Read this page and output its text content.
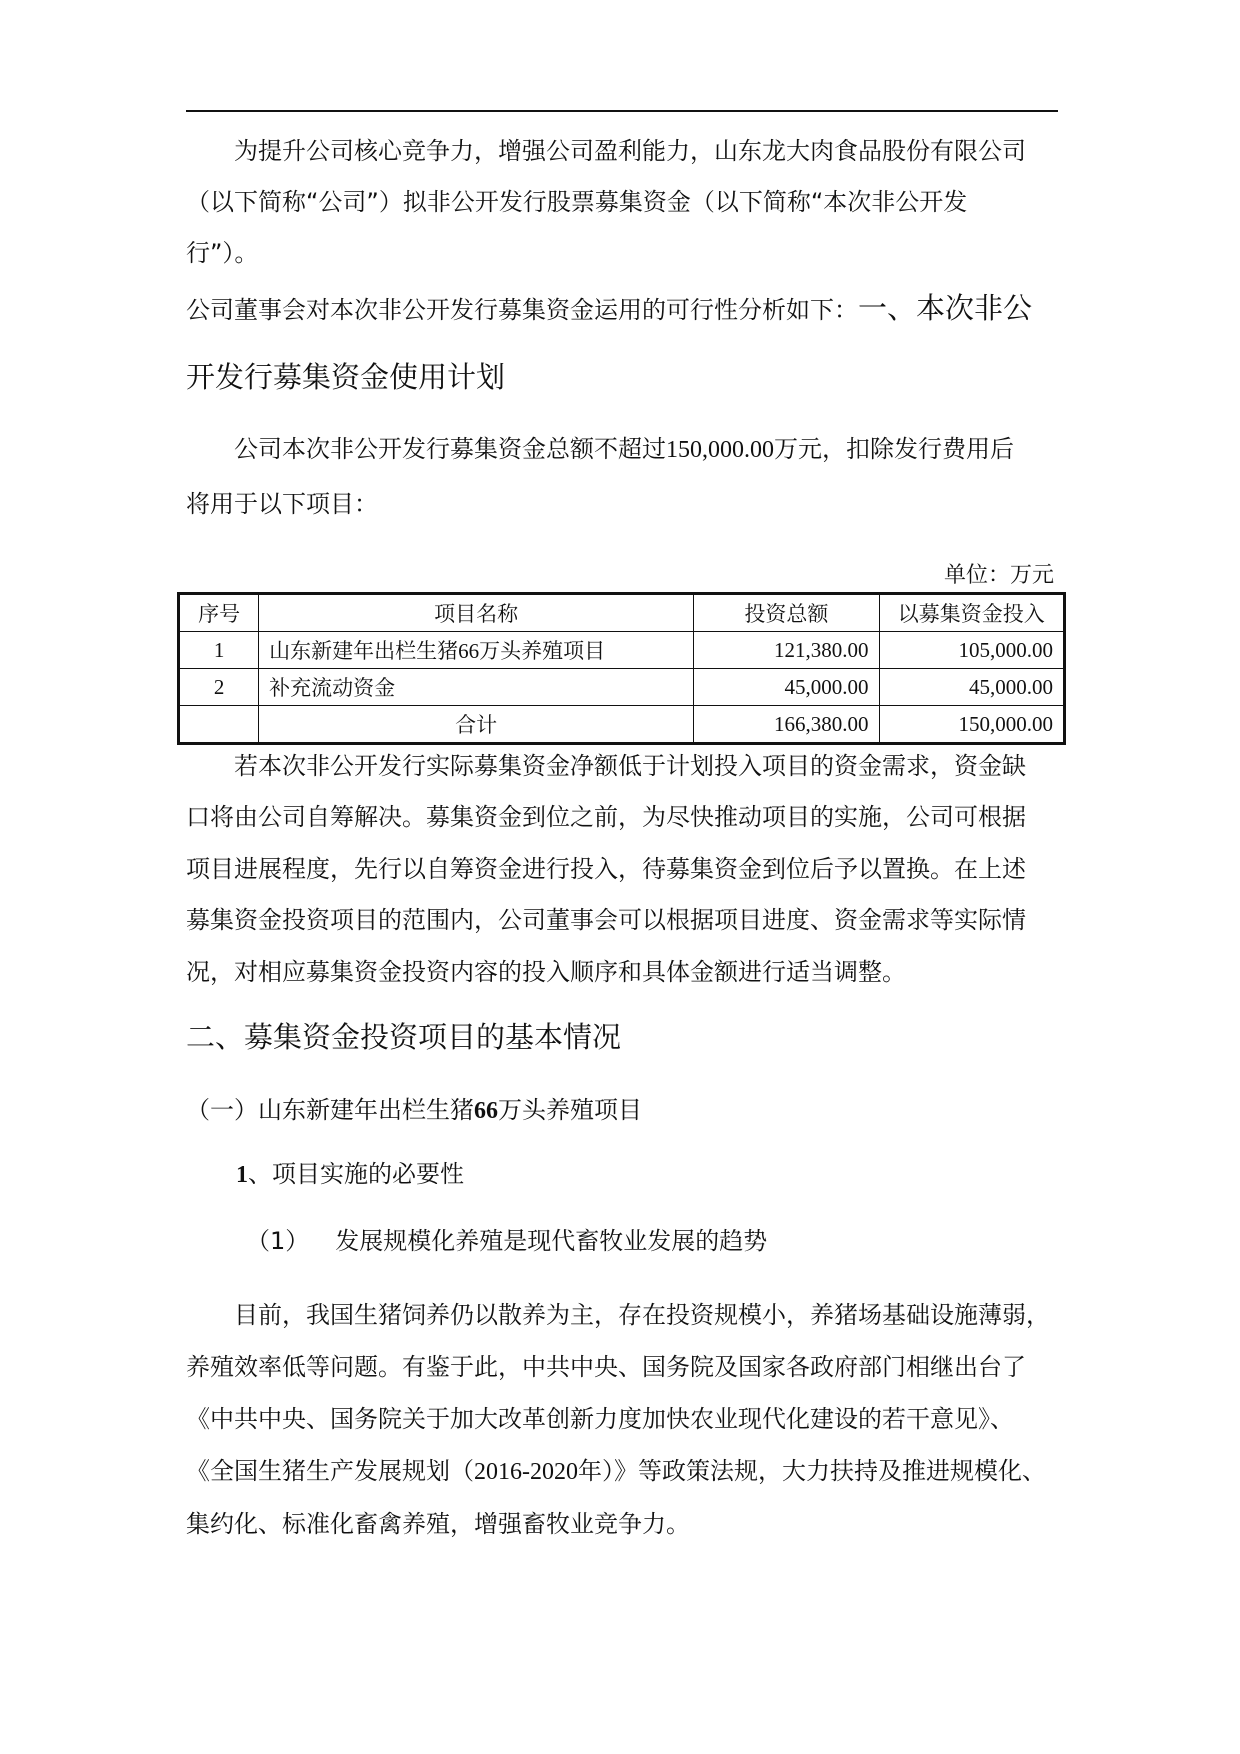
为提升公司核心竞争力，增强公司盈利能力，山东龙大肉食品股份有限公司

（以下简称“公司”）拟非公开发行股票募集资金（以下简称“本次非公开发

行”）。

公司董事会对本次非公开发行募集资金运用的可行性分析如下：一、本次非公

开发行募集资金使用计划

公司本次非公开发行募集资金总额不超过150,000.00万元，扣除发行费用后

将用于以下项目：

单位：万元
序号	项目名称	投资总额	以募集资金投入
1	山东新建年出栏生猪66万头养殖项目	121,380.00	105,000.00
2	补充流动资金	45,000.00	45,000.00
	合计	166,380.00	150,000.00

若本次非公开发行实际募集资金净额低于计划投入项目的资金需求，资金缺

口将由公司自筹解决。募集资金到位之前，为尽快推动项目的实施，公司可根据

项目进展程度，先行以自筹资金进行投入，待募集资金到位后予以置换。在上述

募集资金投资项目的范围内，公司董事会可以根据项目进度、资金需求等实际情

况，对相应募集资金投资内容的投入顺序和具体金额进行适当调整。

二、募集资金投资项目的基本情况

（一）山东新建年出栏生猪66万头养殖项目

1、项目实施的必要性

（1） 发展规模化养殖是现代畜牧业发展的趋势

目前，我国生猪饲养仍以散养为主，存在投资规模小，养猪场基础设施薄弱，

养殖效率低等问题。有鉴于此，中共中央、国务院及国家各政府部门相继出台了

《中共中央、国务院关于加大改革创新力度加快农业现代化建设的若干意见》、

《全国生猪生产发展规划（2016-2020年）》等政策法规，大力扶持及推进规模化、

集约化、标准化畜禽养殖，增强畜牧业竞争力。
